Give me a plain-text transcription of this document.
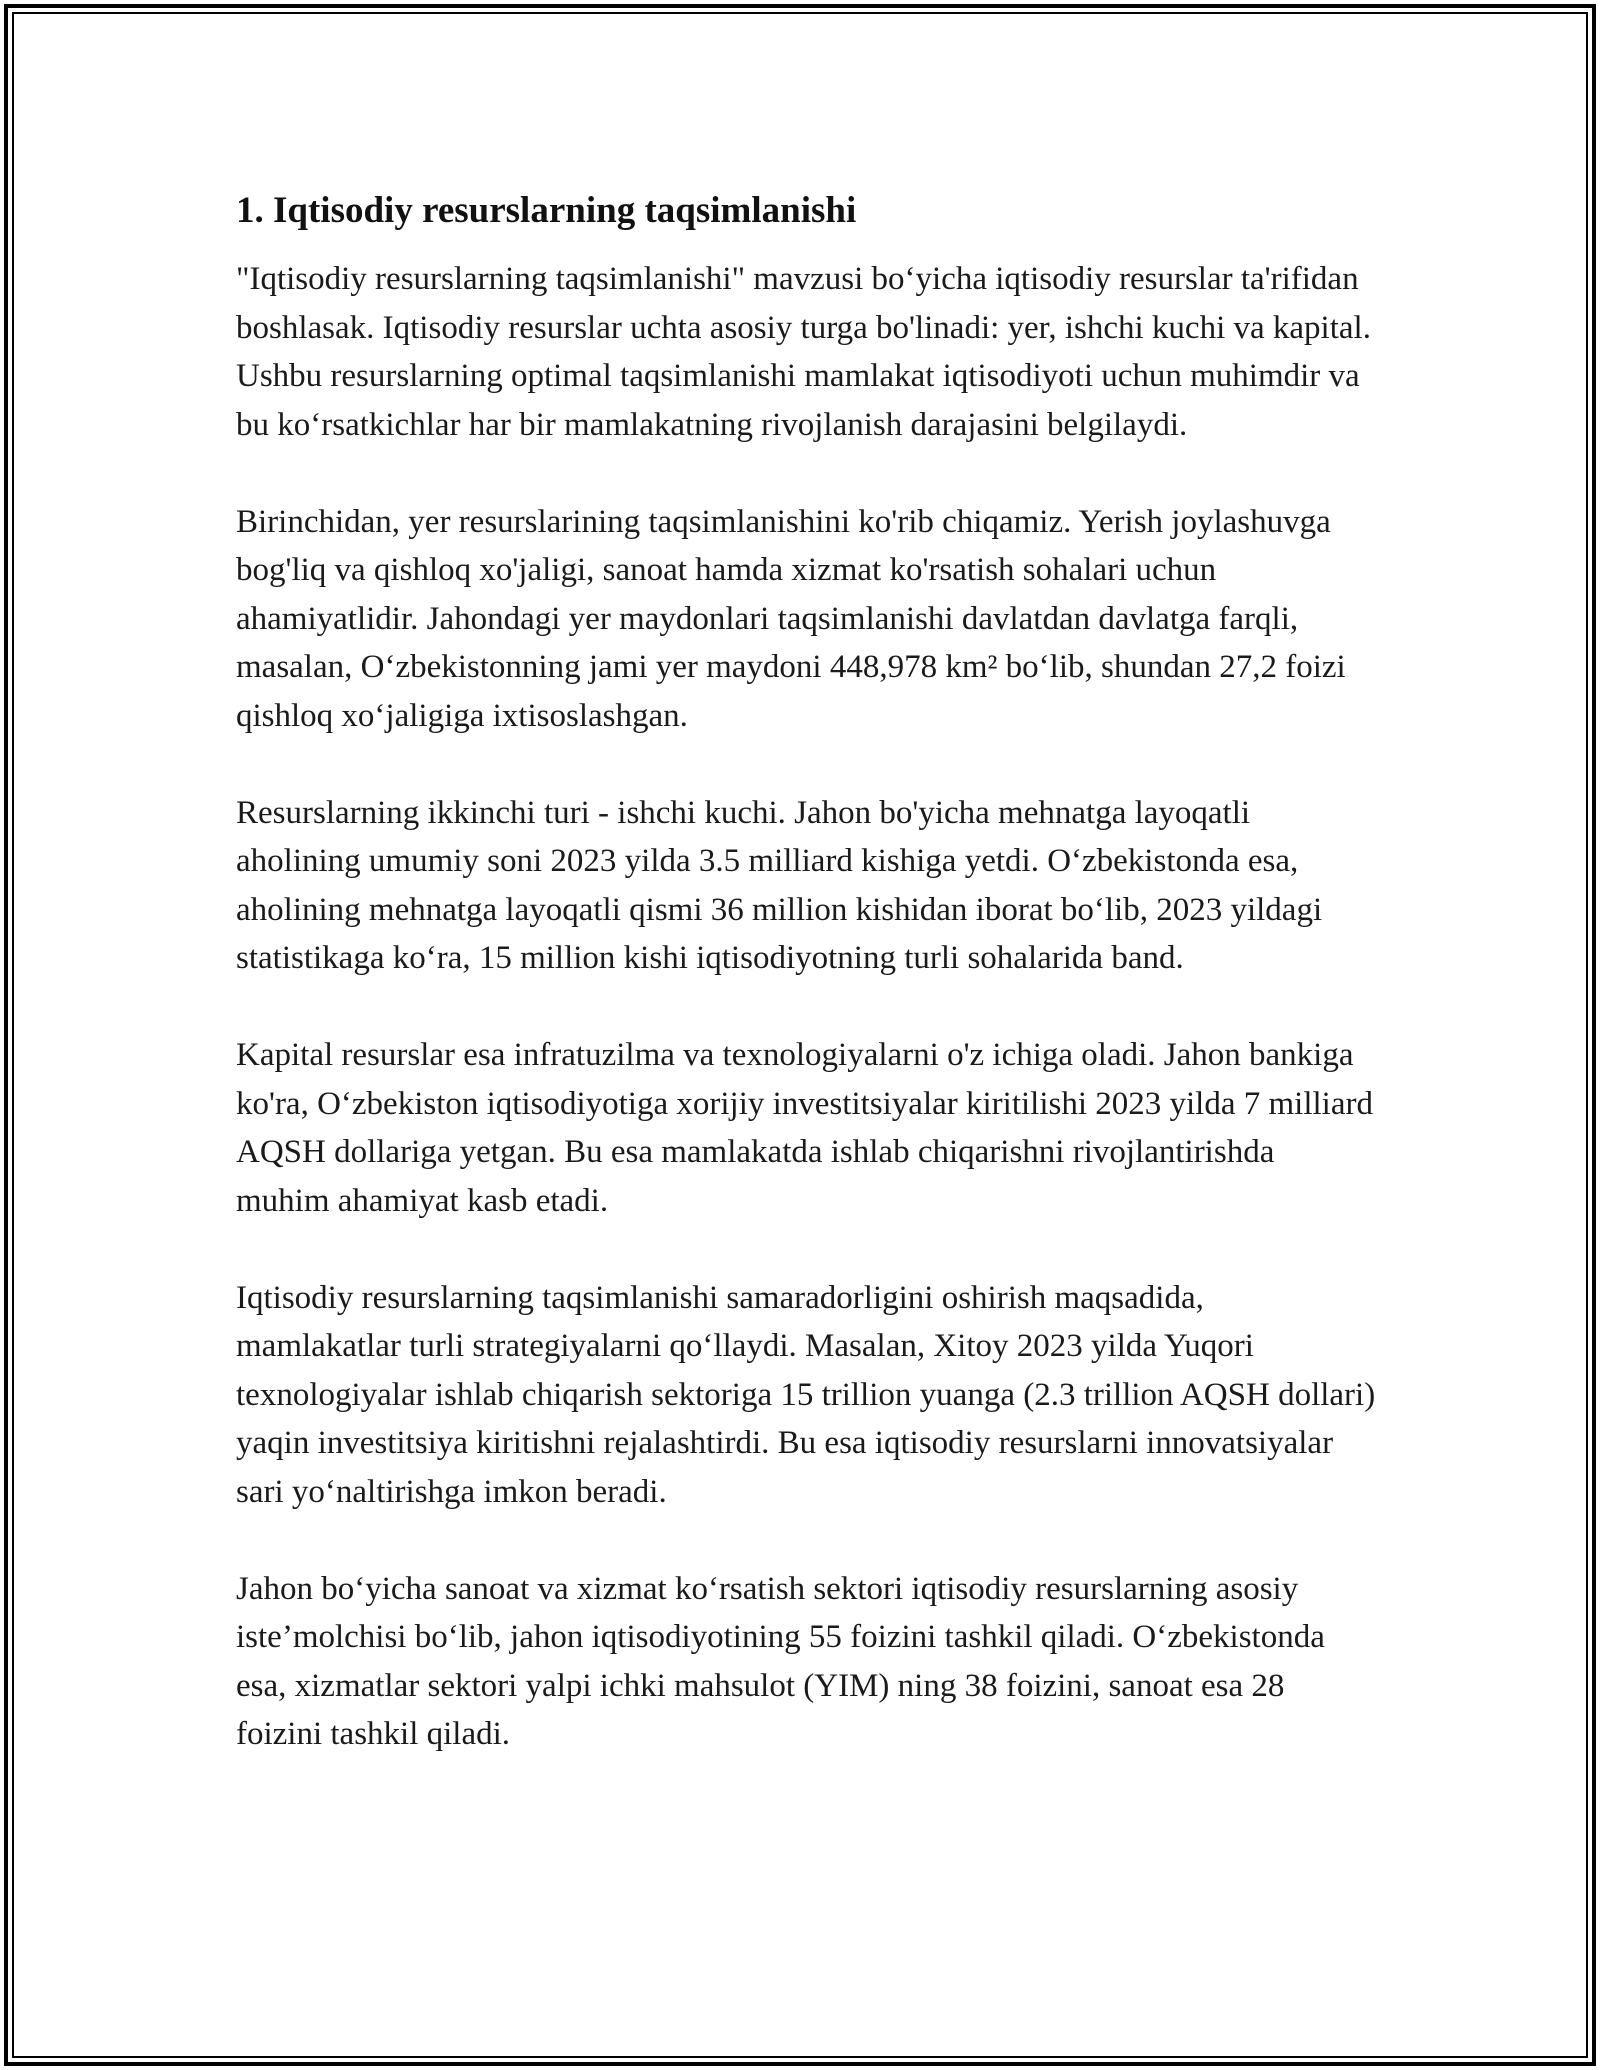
1. Iqtisodiy resurslarning taqsimlanishi

"Iqtisodiy resurslarning taqsimlanishi" mavzusi bo‘yicha iqtisodiy resurslar ta'rifidan boshlasak. Iqtisodiy resurslar uchta asosiy turga bo'linadi: yer, ishchi kuchi va kapital. Ushbu resurslarning optimal taqsimlanishi mamlakat iqtisodiyoti uchun muhimdir va bu ko‘rsatkichlar har bir mamlakatning rivojlanish darajasini belgilaydi.

Birinchidan, yer resurslarining taqsimlanishini ko'rib chiqamiz. Yerish joylashuvga bog'liq va qishloq xo'jaligi, sanoat hamda xizmat ko'rsatish sohalari uchun ahamiyatlidir. Jahondagi yer maydonlari taqsimlanishi davlatdan davlatga farqli, masalan, O‘zbekistonning jami yer maydoni 448,978 km² bo‘lib, shundan 27,2 foizi qishloq xo‘jaligiga ixtisoslashgan.

Resurslarning ikkinchi turi - ishchi kuchi. Jahon bo'yicha mehnatga layoqatli aholining umumiy soni 2023 yilda 3.5 milliard kishiga yetdi. O‘zbekistonda esa, aholining mehnatga layoqatli qismi 36 million kishidan iborat bo‘lib, 2023 yildagi statistikaga ko‘ra, 15 million kishi iqtisodiyotning turli sohalarida band.

Kapital resurslar esa infratuzilma va texnologiyalarni o'z ichiga oladi. Jahon bankiga ko'ra, O‘zbekiston iqtisodiyotiga xorijiy investitsiyalar kiritilishi 2023 yilda 7 milliard AQSH dollariga yetgan. Bu esa mamlakatda ishlab chiqarishni rivojlantirishda muhim ahamiyat kasb etadi.

Iqtisodiy resurslarning taqsimlanishi samaradorligini oshirish maqsadida, mamlakatlar turli strategiyalarni qo‘llaydi. Masalan, Xitoy 2023 yilda Yuqori texnologiyalar ishlab chiqarish sektoriga 15 trillion yuanga (2.3 trillion AQSH dollari) yaqin investitsiya kiritishni rejalashtirdi. Bu esa iqtisodiy resurslarni innovatsiyalar sari yo‘naltirishga imkon beradi.

Jahon bo‘yicha sanoat va xizmat ko‘rsatish sektori iqtisodiy resurslarning asosiy iste’molchisi bo‘lib, jahon iqtisodiyotining 55 foizini tashkil qiladi. O‘zbekistonda esa, xizmatlar sektori yalpi ichki mahsulot (YIM) ning 38 foizini, sanoat esa 28 foizini tashkil qiladi.
